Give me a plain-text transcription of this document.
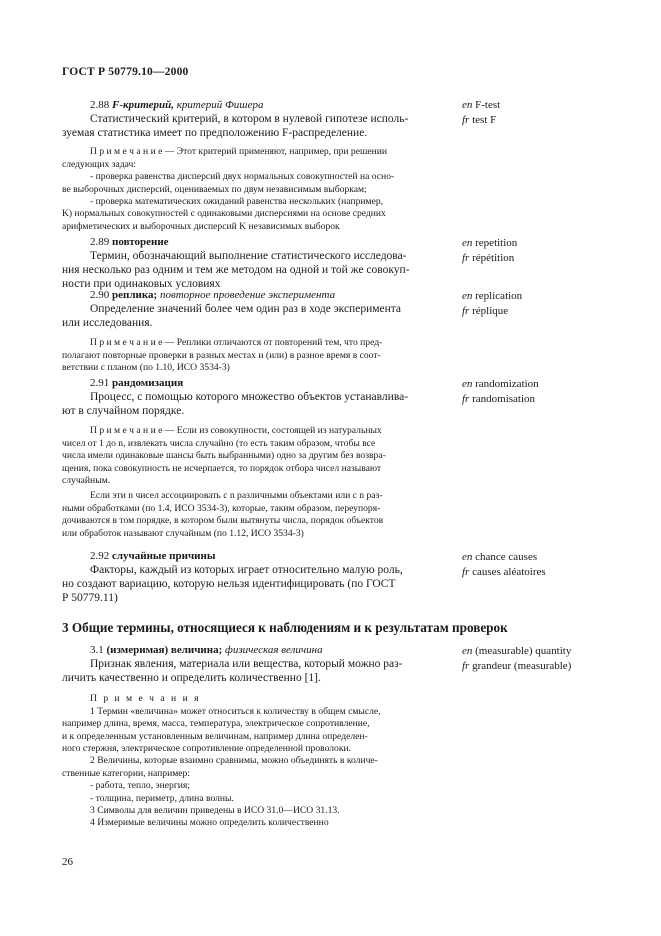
ГОСТ Р 50779.10—2000

2.88 F-критерий, критерий Фишера

Статистический критерий, в котором в нулевой гипотезе исполь-

зуемая статистика имеет по предположению F-распределение.

П р и м е ч а н и е — Этот критерий применяют, например, при решении

следующих задач:

- проверка равенства дисперсий двух нормальных совокупностей на осно-

ве выборочных дисперсий, оцениваемых по двум независимым выборкам;

- проверка математических ожиданий равенства нескольких (например,

K) нормальных совокупностей с одинаковыми дисперсиями на основе средних

арифметических и выборочных дисперсий K независимых выборок

en F-test
fr test F

2.89 повторение

Термин, обозначающий выполнение статистического исследова-

ния несколько раз одним и тем же методом на одной и той же совокуп-

ности при одинаковых условиях

en repetition
fr répétition

2.90 реплика; повторное проведение эксперимента

Определение значений более чем один раз в ходе эксперимента

или исследования.

П р и м е ч а н и е — Реплики отличаются от повторений тем, что пред-

полагают повторные проверки в разных местах и (или) в разное время в соот-

ветствии с планом (по 1.10, ИСО 3534-3)

en replication
fr réplique

2.91 рандомизация

Процесс, с помощью которого множество объектов устанавлива-

ют в случайном порядке.

П р и м е ч а н и е — Если из совокупности, состоящей из натуральных

чисел от 1 до n, извлекать числа случайно (то есть таким образом, чтобы все

числа имели одинаковые шансы быть выбранными) одно за другим без возвра-

щения, пока совокупность не исчерпается, то порядок отбора чисел называют

случайным.

Если эти n чисел ассоциировать с n различными объектами или с n раз-

ными обработками (по 1.4, ИСО 3534-3), которые, таким образом, переупоря-

дочиваются в том порядке, в котором были вытянуты числа, порядок объектов

или обработок называют случайным (по 1.12, ИСО 3534-3)

en randomization
fr randomisation

2.92 случайные причины

Факторы, каждый из которых играет относительно малую роль,

но создают вариацию, которую нельзя идентифицировать (по ГОСТ

Р 50779.11)

en chance causes
fr causes aléatoires
3 Общие термины, относящиеся к наблюдениям и к результатам проверок

3.1 (измеримая) величина; физическая величина

Признак явления, материала или вещества, который можно раз-

личить качественно и определить количественно [1].

П р и м е ч а н и я

1 Термин «величина» может относиться к количеству в общем смысле,

например длина, время, масса, температура, электрическое сопротивление,

и к определенным установленным величинам, например длина определен-

ного стержня, электрическое сопротивление определенной проволоки.

2 Величины, которые взаимно сравнимы, можно объединять в количе-

ственные категории, например:

- работа, тепло, энергия;

- толщина, периметр, длина волны.

3 Символы для величин приведены в ИСО 31.0—ИСО 31.13.

4 Измеримые величины можно определить количественно

en (measurable) quantity
fr grandeur (measurable)
26
